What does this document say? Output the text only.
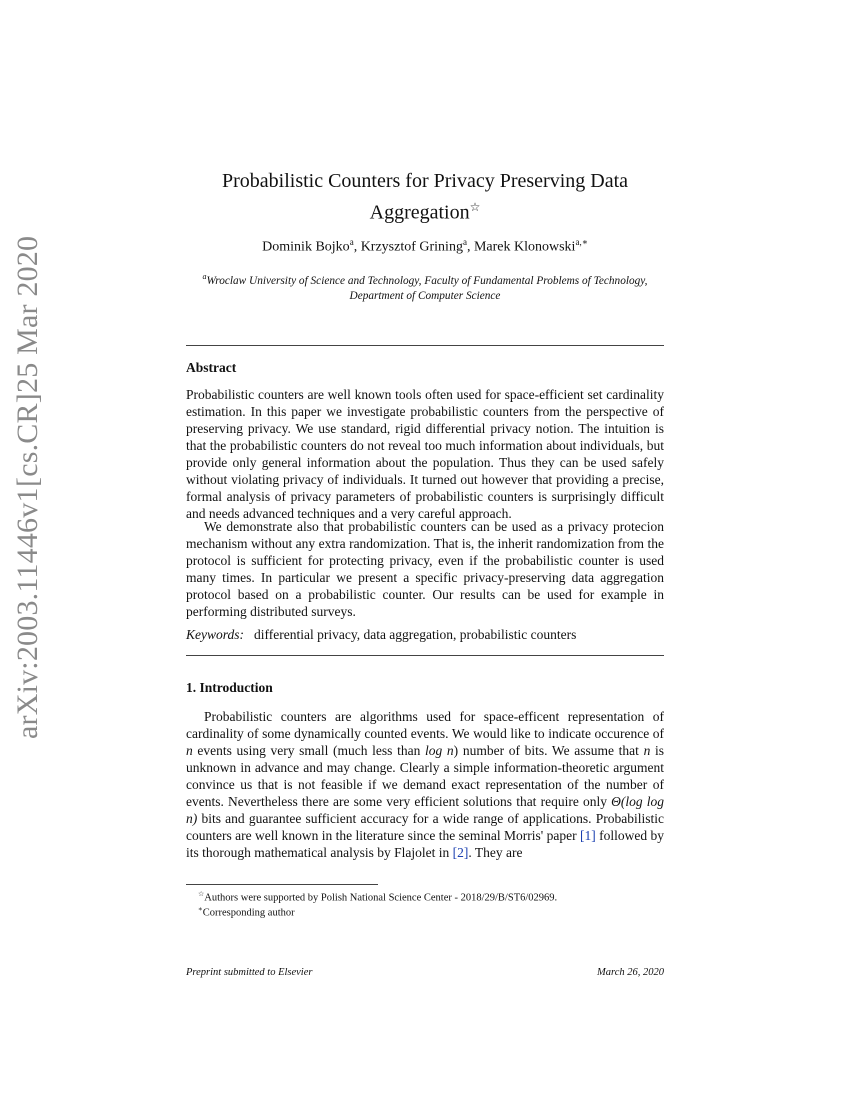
arXiv:2003.11446v1
[cs.CR]
25 Mar 2020
Probabilistic Counters for Privacy Preserving Data Aggregation☆
Dominik Bojko$^a$, Krzysztof Grining$^a$, Marek Klonowski$^{a,∗}$
$^a$Wroclaw University of Science and Technology, Faculty of Fundamental Problems of Technology,
Department of Computer Science
Abstract

Probabilistic counters are well known tools often used for space-efficient set cardinality estimation. In this paper we investigate probabilistic counters from the perspective of preserving privacy. We use standard, rigid differential privacy notion. The intuition is that the probabilistic counters do not reveal too much information about individuals, but provide only general information about the population. Thus they can be used safely without violating privacy of individuals. It turned out however that providing a precise, formal analysis of privacy parameters of probabilistic counters is surprisingly difficult and needs advanced techniques and a very careful approach.

We demonstrate also that probabilistic counters can be used as a privacy protecion mechanism without any extra randomization. That is, the inherit randomization from the protocol is sufficient for protecting privacy, even if the probabilistic counter is used many times. In particular we present a specific privacy-preserving data aggregation protocol based on a probabilistic counter. Our results can be used for example in performing distributed surveys.

Keywords: differential privacy, data aggregation, probabilistic counters
1. Introduction

Probabilistic counters are algorithms used for space-efficent representation of cardinality of some dynamically counted events. We would like to indicate occurence of n events using very small (much less than log n) number of bits. We assume that n is unknown in advance and may change. Clearly a simple information-theoretic argument convince us that is not feasible if we demand exact representation of the number of events. Nevertheless there are some very efficient solutions that require only Θ(log log n) bits and guarantee sufficient accuracy for a wide range of applications. Probabilistic counters are well known in the literature since the seminal Morris' paper [1] followed by its thorough mathematical analysis by Flajolet in [2]. They are

☆Authors were supported by Polish National Science Center - 2018/29/B/ST6/02969.
∗Corresponding author
Preprint submitted to Elsevier	March 26, 2020
